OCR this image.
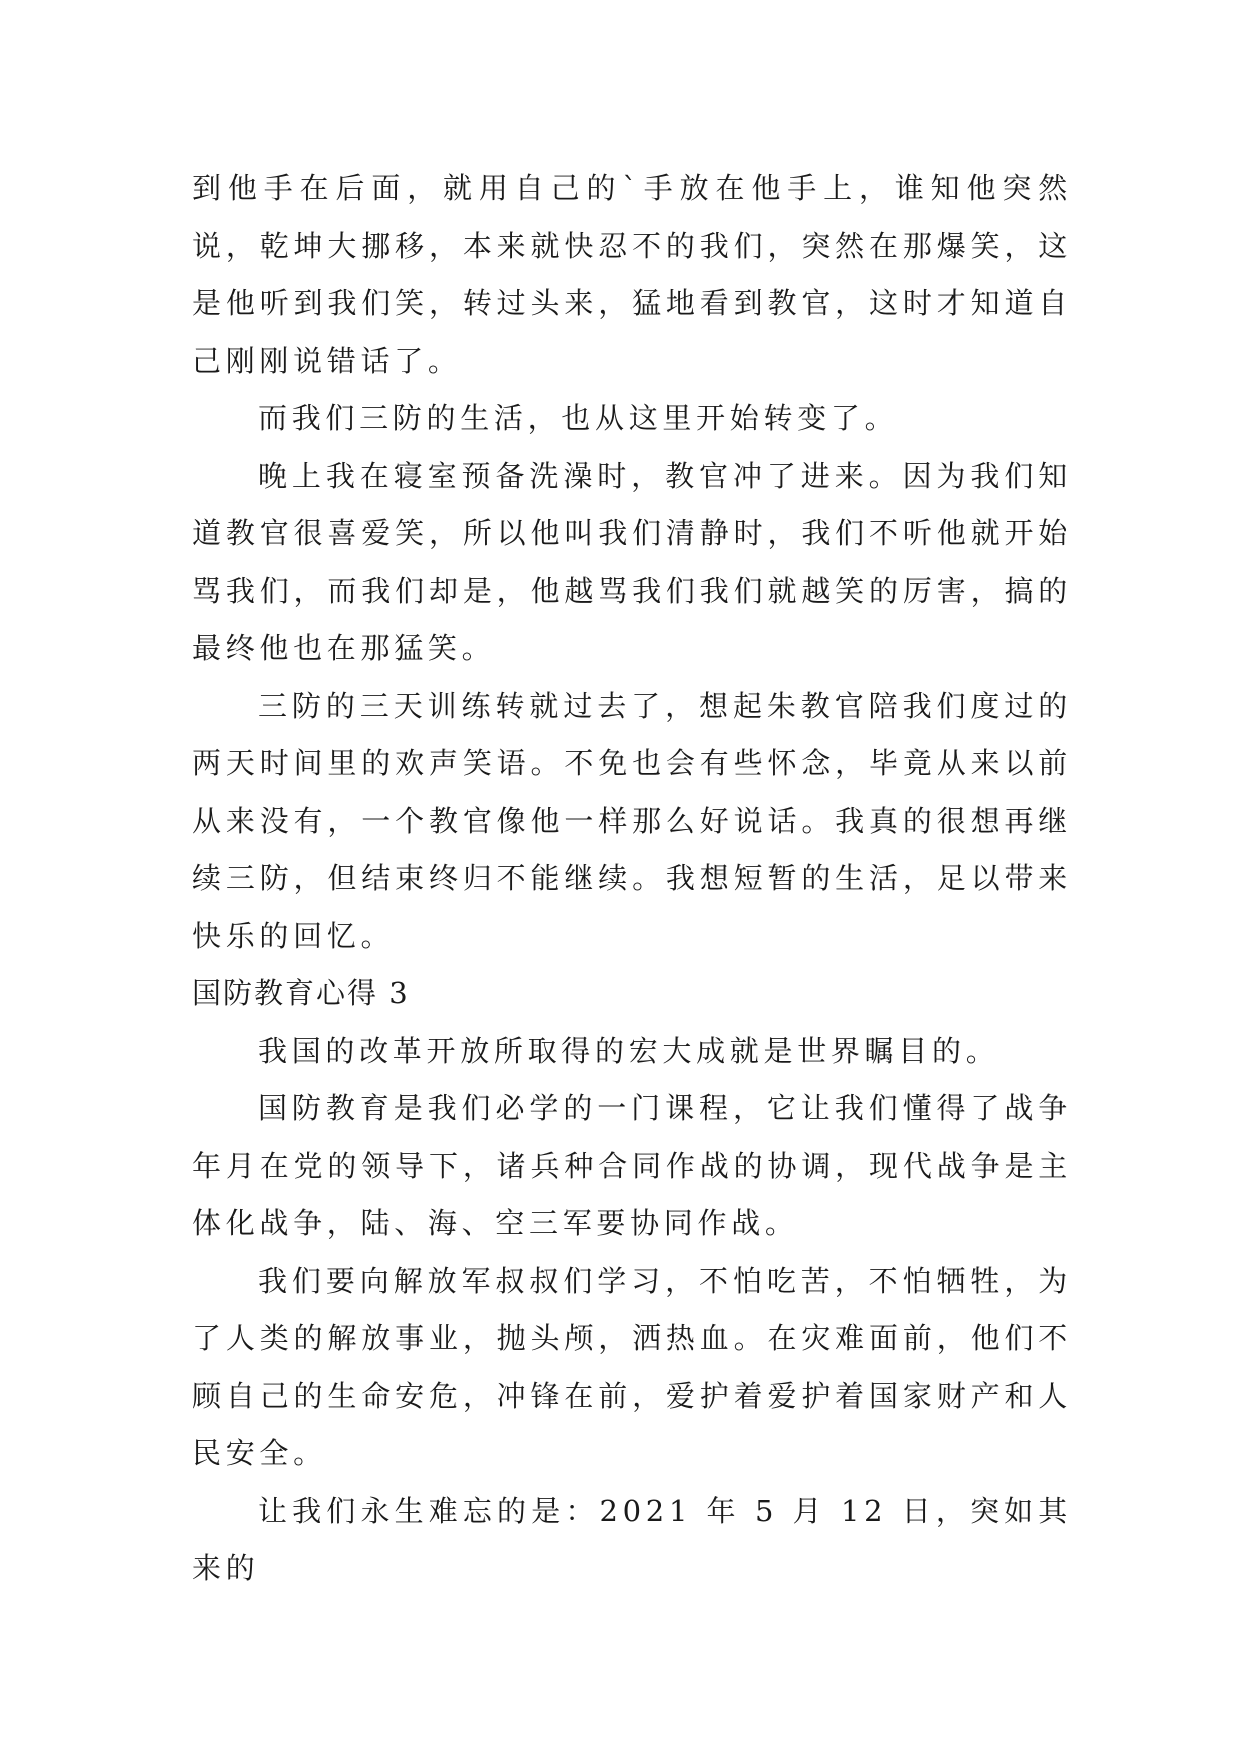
到他手在后面，就用自己的`手放在他手上，谁知他突然说，乾坤大挪移，本来就快忍不的我们，突然在那爆笑，这是他听到我们笑，转过头来，猛地看到教官，这时才知道自己刚刚说错话了。

而我们三防的生活，也从这里开始转变了。

晚上我在寝室预备洗澡时，教官冲了进来。因为我们知道教官很喜爱笑，所以他叫我们清静时，我们不听他就开始骂我们，而我们却是，他越骂我们我们就越笑的厉害，搞的最终他也在那猛笑。

三防的三天训练转就过去了，想起朱教官陪我们度过的两天时间里的欢声笑语。不免也会有些怀念，毕竟从来以前从来没有，一个教官像他一样那么好说话。我真的很想再继续三防，但结束终归不能继续。我想短暂的生活，足以带来快乐的回忆。

国防教育心得 3

我国的改革开放所取得的宏大成就是世界瞩目的。

国防教育是我们必学的一门课程，它让我们懂得了战争年月在党的领导下，诸兵种合同作战的协调，现代战争是主体化战争，陆、海、空三军要协同作战。

我们要向解放军叔叔们学习，不怕吃苦，不怕牺牲，为了人类的解放事业，抛头颅，洒热血。在灾难面前，他们不顾自己的生命安危，冲锋在前，爱护着爱护着国家财产和人民安全。

让我们永生难忘的是：2021 年 5 月 12 日，突如其来的
